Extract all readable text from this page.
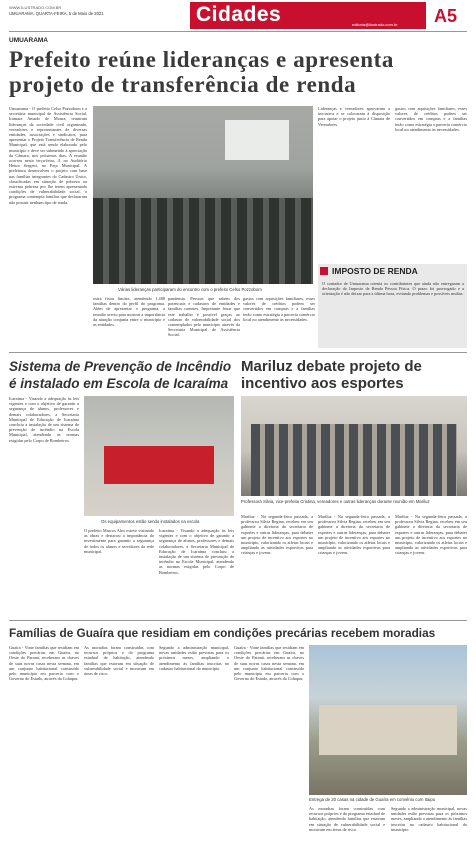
WWW.ILUSTRADO.COM.BR
UMUARAMA, QUARTA-FEIRA, 5 de Maio de 2021	Cidades	editoria@ilustrado.com.br A5
UMUARAMA
Prefeito reúne lideranças e apresenta projeto de transferência de renda
Umuarama - O prefeito Celso Pozzobom e a secretária municipal de Assistência Social, Iramara Amado de Moura, reuniram lideranças da sociedade civil organizada, vereadores e representantes de diversas entidades, associações e sindicatos, para apresentar o Projeto Transferência de Renda Municipal, que está sendo elaborado pelo município e deve ser submetido à apreciação da Câmara, nos próximos dias. A reunião ocorreu nesta terça-feira, 4, no Auditório Heitor Sergetti, no Paço Municipal. A prefeitura desenvolveu o projeto com base nas famílias integrantes do Cadastro Único, classificadas em situação de pobreza ou extrema pobreza por lhe terem apresentado condições de vulnerabilidade social, o programa contempla famílias que declararam não possuir nenhum tipo de renda.
Várias lideranças participaram do encontro com o prefeito Celso Pozzobom
extra fixou limites, atendendo 1.488 famílias dentro do perfil do programa. Além de apresentar o programa, a reunião serviu para mostrar a importância da atuação conjunta entre o município e as entidades.
pandemia. Pessoas que sabem dos potenciais e cadastros de entidades e famílias carentes. Importante frisar que este trabalho é possível graças ao cadastro de vulnerabilidade social dos contemplados pelo município através da Secretaria Municipal de Assistência Social.
gastos com aquisições familiares, esses valores de créditos podem ser convertidos em compras e a famílias terão como estratégia a parceria comércio local no atendimento às necessidades.
Lideranças e vereadores aprovaram a iniciativa e se colocaram à disposição para apoiar o projeto junto à Câmara de Vereadores.
gastos com aquisições familiares, esses valores de créditos podem ser convertidos em compras e a famílias terão como estratégia a parceria comércio local no atendimento às necessidades.
IMPOSTO DE RENDA
O contador de Umuarama orienta os contribuintes que ainda não entregaram a declaração do Imposto de Renda Pessoa Física. O prazo foi prorrogado e a orientação é não deixar para a última hora, evitando problemas e possíveis multas.
Sistema de Prevenção de Incêndio é instalado em Escola de Icaraíma
Icaraíma - Visando a adequação às leis vigentes e com o objetivo de garantir a segurança de alunos, professores e demais colaboradores, a Secretaria Municipal de Educação de Icaraíma concluiu a instalação de um sistema de prevenção de incêndio na Escola Municipal, atendendo as normas exigidas pelo Corpo de Bombeiros.
Os equipamentos estão sendo instalados na escola
O prefeito Marcos Alex esteve visitando as obras e destacou a importância do investimento para garantir a segurança de todos os alunos e servidores da rede municipal.
Icaraíma - Visando a adequação às leis vigentes e com o objetivo de garantir a segurança de alunos, professores e demais colaboradores, a Secretaria Municipal de Educação de Icaraíma concluiu a instalação de um sistema de prevenção de incêndio na Escola Municipal, atendendo as normas exigidas pelo Corpo de Bombeiros.
Mariluz debate projeto de incentivo aos esportes
Professora Silvia, vice-prefeita Cristina, vereadores e outras lideranças durante reunião em Mariluz
Mariluz - Na segunda-feira passada, a professora Silvia Regina, recebeu em seu gabinete a diretoria da secretaria de esportes e outras lideranças, para debater um projeto de incentivo aos esportes no município, valorizando os atletas locais e ampliando as atividades esportivas para crianças e jovens.
Mariluz - Na segunda-feira passada, a professora Silvia Regina, recebeu em seu gabinete a diretoria da secretaria de esportes e outras lideranças, para debater um projeto de incentivo aos esportes no município, valorizando os atletas locais e ampliando as atividades esportivas para crianças e jovens.
Mariluz - Na segunda-feira passada, a professora Silvia Regina, recebeu em seu gabinete a diretoria da secretaria de esportes e outras lideranças, para debater um projeto de incentivo aos esportes no município, valorizando os atletas locais e ampliando as atividades esportivas para crianças e jovens.
Famílias de Guaíra que residiam em condições precárias recebem moradias
Guaíra - Vinte famílias que residiam em condições precárias em Guaíra, no Oeste do Paraná, receberam as chaves de suas novas casas nesta semana, em um conjunto habitacional construído pelo município em parceria com o Governo do Estado, através da Cohapar.
As moradias foram construídas com recursos próprios e do programa estadual de habitação, atendendo famílias que estavam em situação de vulnerabilidade social e moravam em áreas de risco.
Segundo a administração municipal, novas unidades estão previstas para os próximos meses, ampliando o atendimento às famílias inscritas no cadastro habitacional do município.
Guaíra - Vinte famílias que residiam em condições precárias em Guaíra, no Oeste do Paraná, receberam as chaves de suas novas casas nesta semana, em um conjunto habitacional construído pelo município em parceria com o Governo do Estado, através da Cohapar.
Entrega de 20 casas na cidade de Guaíra em convênio com Itaipu
As moradias foram construídas com recursos próprios e do programa estadual de habitação, atendendo famílias que estavam em situação de vulnerabilidade social e moravam em áreas de risco.
Segundo a administração municipal, novas unidades estão previstas para os próximos meses, ampliando o atendimento às famílias inscritas no cadastro habitacional do município.
